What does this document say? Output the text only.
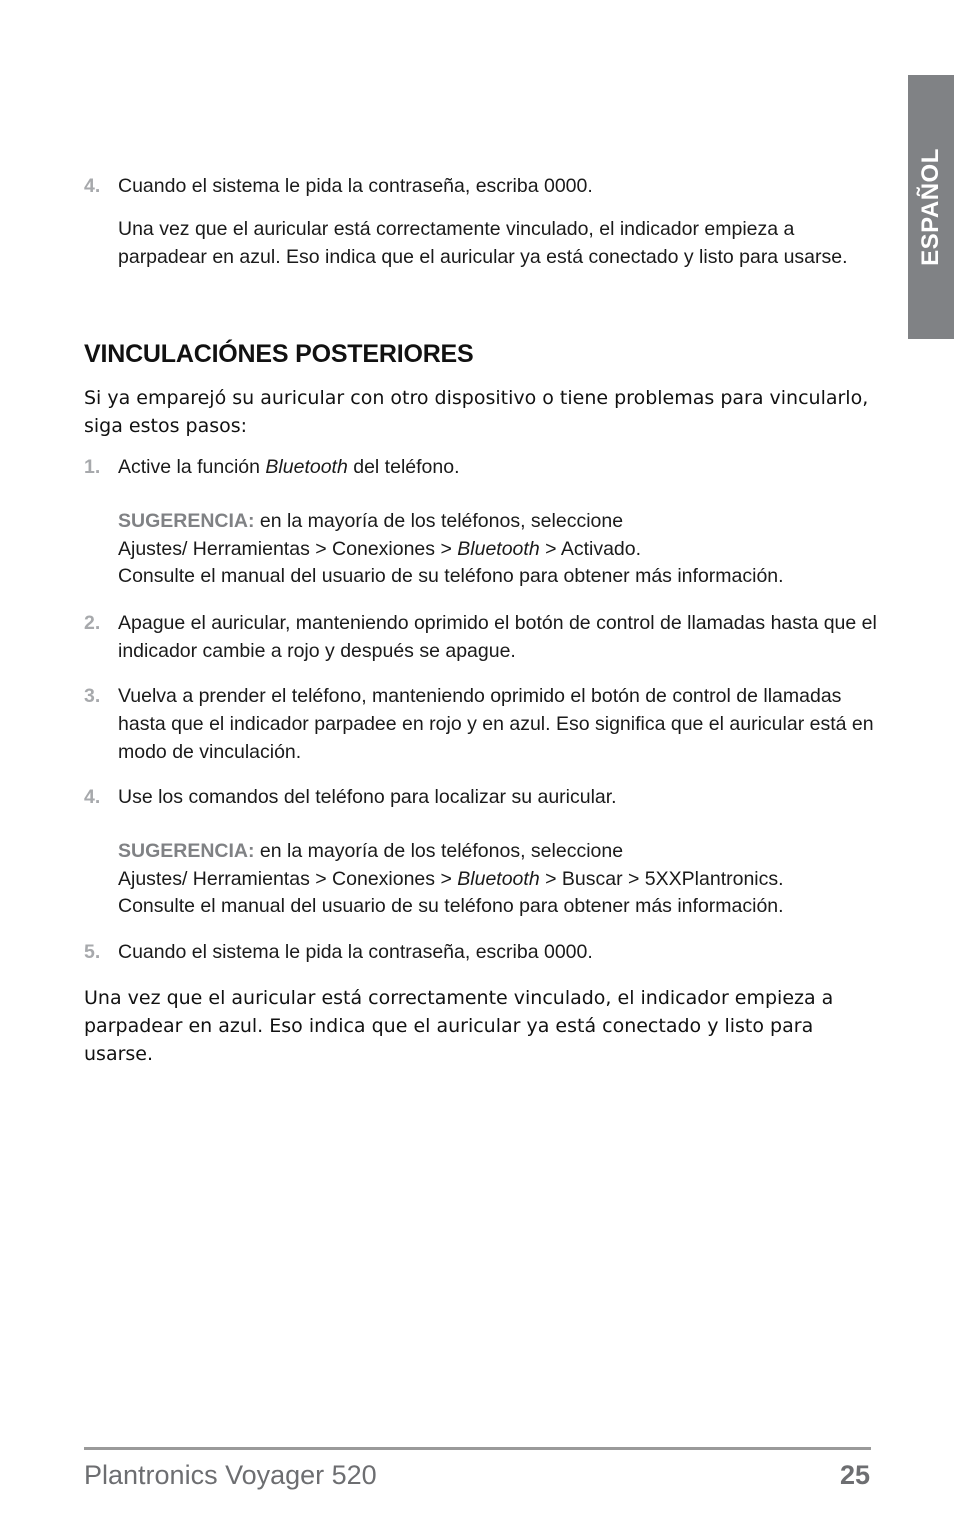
ESPAÑOL
4. Cuando el sistema le pida la contraseña, escriba 0000.
Una vez que el auricular está correctamente vinculado, el indicador empieza a parpadear en azul. Eso indica que el auricular ya está conectado y listo para usarse.
VINCULACIÓNES POSTERIORES
Si ya emparejó su auricular con otro dispositivo o tiene problemas para vincularlo, siga estos pasos:
1. Active la función Bluetooth del teléfono.
SUGERENCIA: en la mayoría de los teléfonos, seleccione
Ajustes/ Herramientas > Conexiones > Bluetooth > Activado.
Consulte el manual del usuario de su teléfono para obtener más información.
2. Apague el auricular, manteniendo oprimido el botón de control de llamadas hasta que el indicador cambie a rojo y después se apague.
3. Vuelva a prender el teléfono, manteniendo oprimido el botón de control de llamadas hasta que el indicador parpadee en rojo y en azul. Eso significa que el auricular está en modo de vinculación.
4. Use los comandos del teléfono para localizar su auricular.
SUGERENCIA: en la mayoría de los teléfonos, seleccione
Ajustes/ Herramientas > Conexiones > Bluetooth > Buscar > 5XXPlantronics.
Consulte el manual del usuario de su teléfono para obtener más información.
5. Cuando el sistema le pida la contraseña, escriba 0000.
Una vez que el auricular está correctamente vinculado, el indicador empieza a parpadear en azul. Eso indica que el auricular ya está conectado y listo para usarse.
Plantronics Voyager 520	25
